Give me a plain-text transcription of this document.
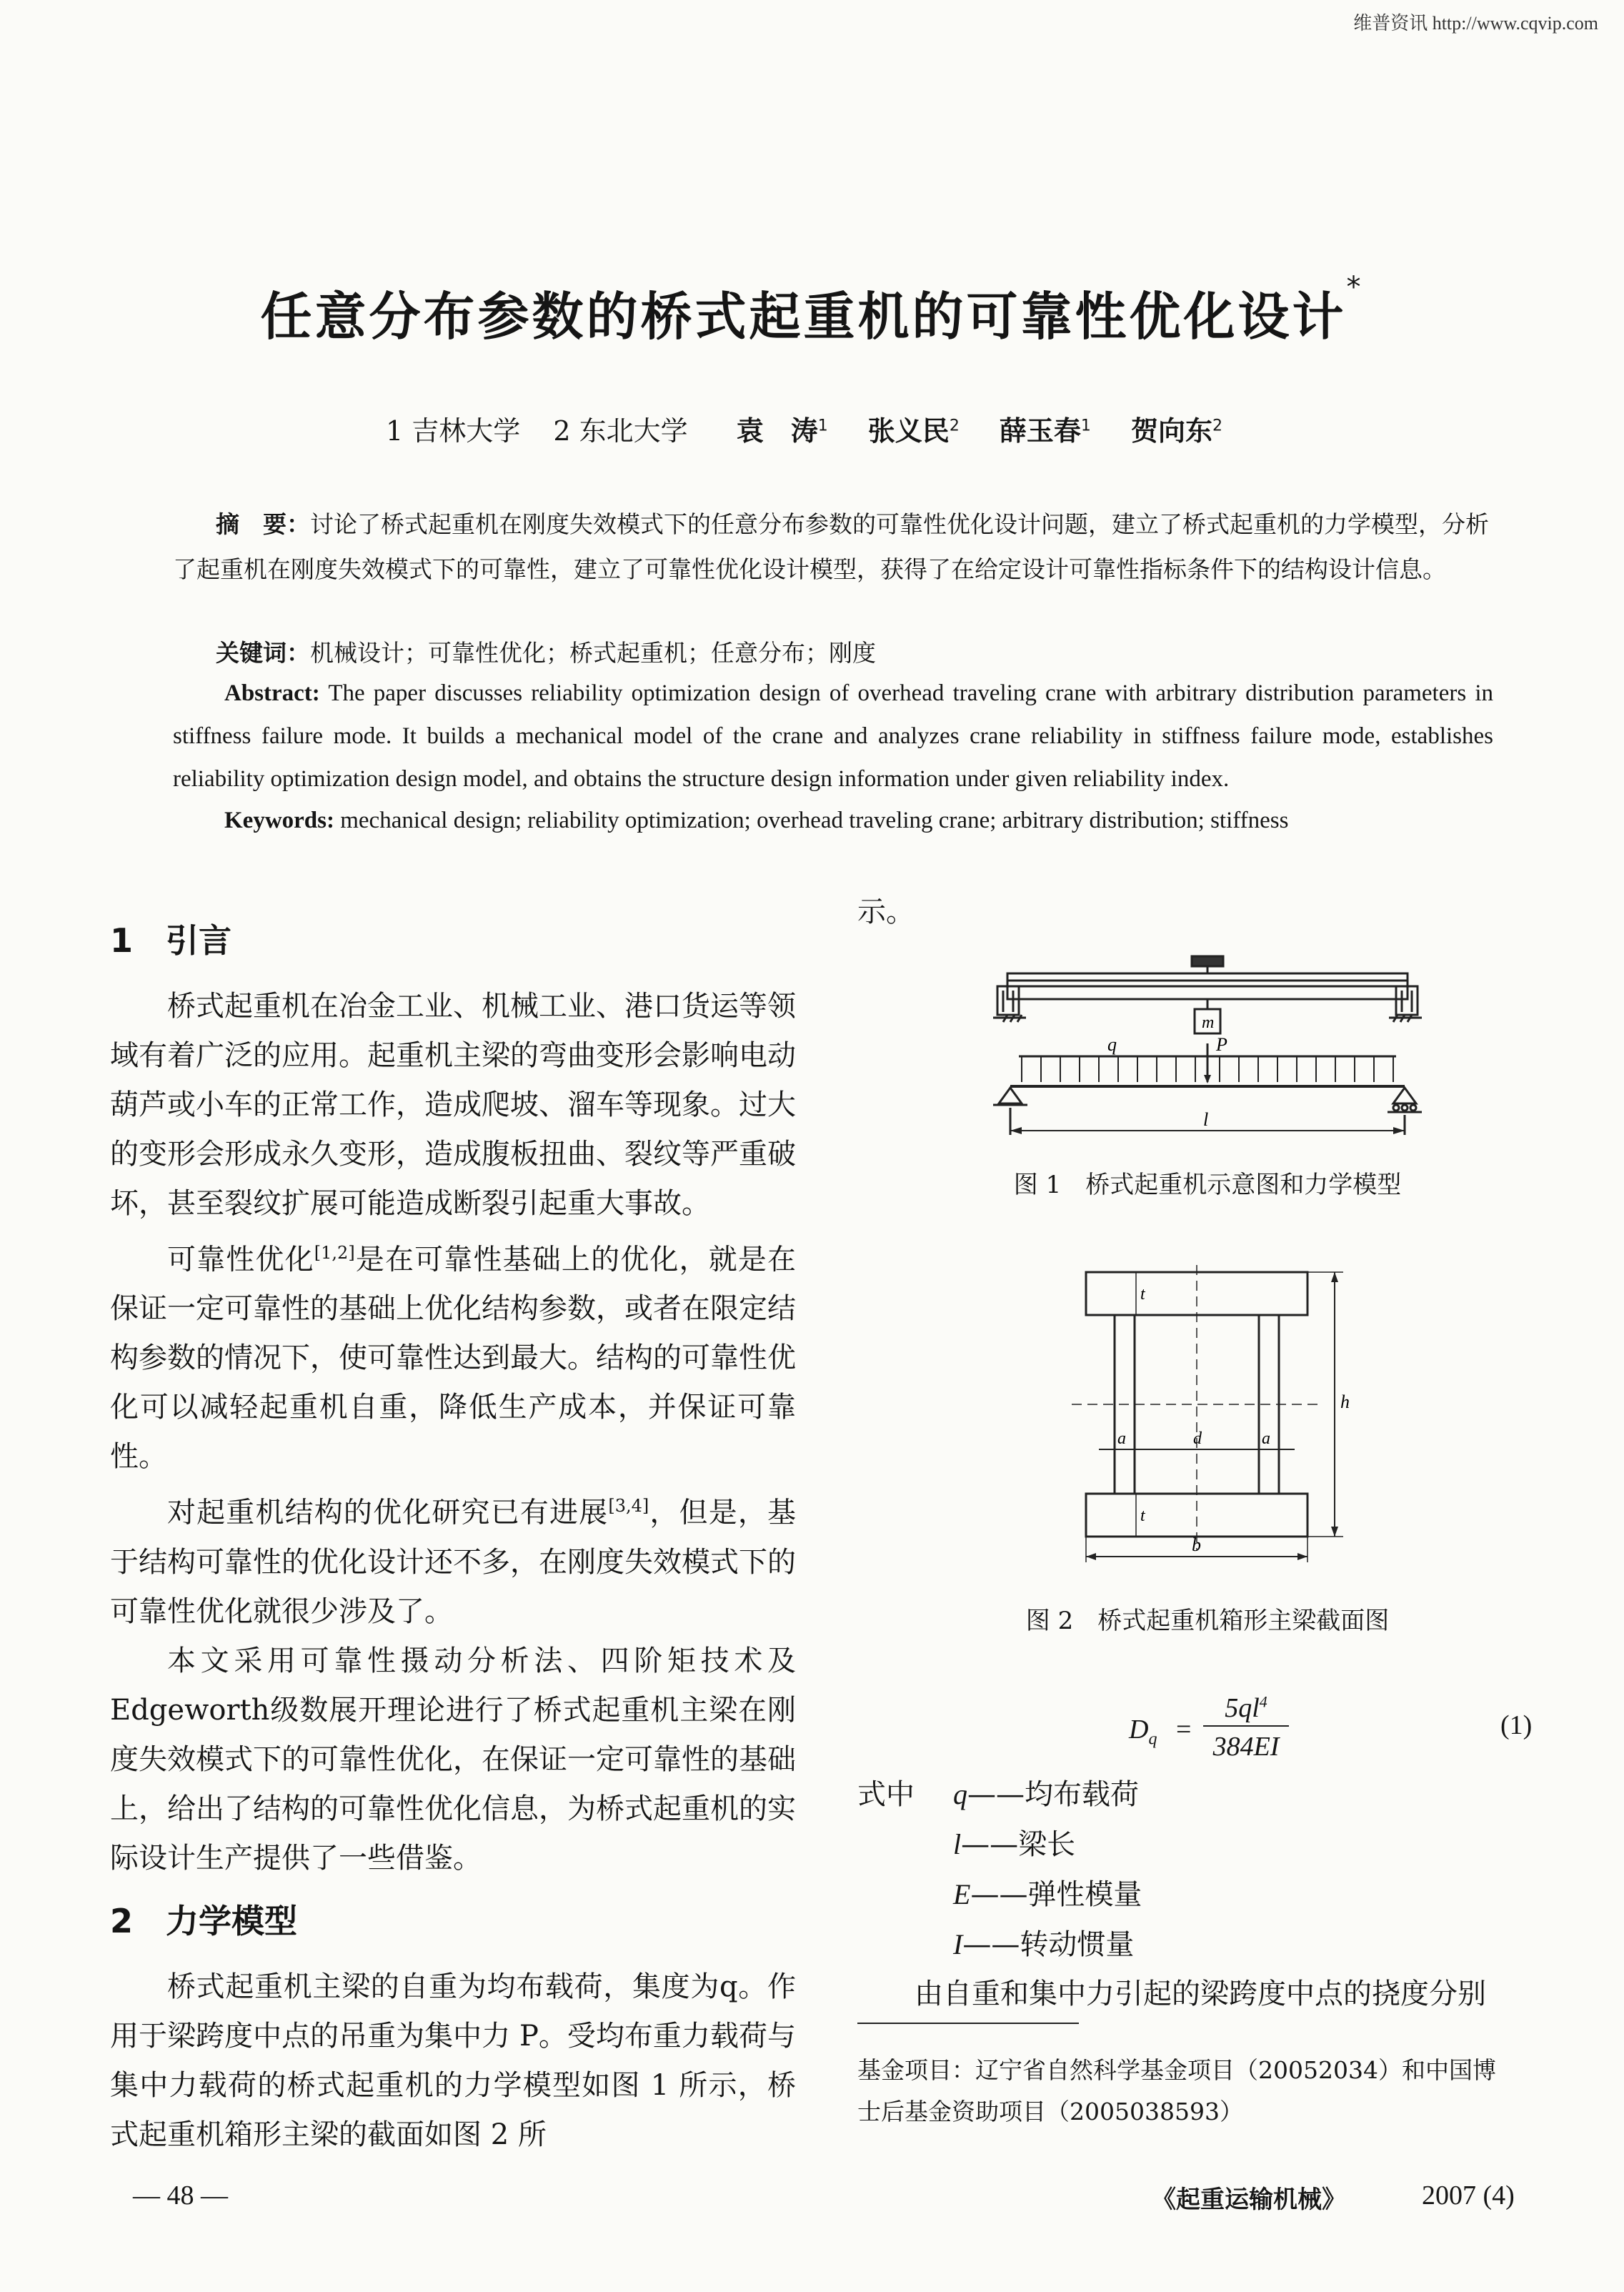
维普资讯 http://www.cqvip.com
任意分布参数的桥式起重机的可靠性优化设计*
1 吉林大学 2 东北大学 袁　涛$^1$ 张义民$^2$ 薛玉春$^1$ 贺向东$^2$
摘　要：讨论了桥式起重机在刚度失效模式下的任意分布参数的可靠性优化设计问题，建立了桥式起重机的力学模型，分析了起重机在刚度失效模式下的可靠性，建立了可靠性优化设计模型，获得了在给定设计可靠性指标条件下的结构设计信息。
关键词：机械设计；可靠性优化；桥式起重机；任意分布；刚度
Abstract: The paper discusses reliability optimization design of overhead traveling crane with arbitrary distribution parameters in stiffness failure mode. It builds a mechanical model of the crane and analyzes crane reliability in stiffness failure mode, establishes reliability optimization design model, and obtains the structure design information under given reliability index.
Keywords: mechanical design; reliability optimization; overhead traveling crane; arbitrary distribution; stiffness
1 引言

桥式起重机在冶金工业、机械工业、港口货运等领域有着广泛的应用。起重机主梁的弯曲变形会影响电动葫芦或小车的正常工作，造成爬坡、溜车等现象。过大的变形会形成永久变形，造成腹板扭曲、裂纹等严重破坏，甚至裂纹扩展可能造成断裂引起重大事故。

可靠性优化[1,2]是在可靠性基础上的优化，就是在保证一定可靠性的基础上优化结构参数，或者在限定结构参数的情况下，使可靠性达到最大。结构的可靠性优化可以减轻起重机自重，降低生产成本，并保证可靠性。

对起重机结构的优化研究已有进展[3,4]，但是，基于结构可靠性的优化设计还不多，在刚度失效模式下的可靠性优化就很少涉及了。

本文采用可靠性摄动分析法、四阶矩技术及Edgeworth级数展开理论进行了桥式起重机主梁在刚度失效模式下的可靠性优化，在保证一定可靠性的基础上，给出了结构的可靠性优化信息，为桥式起重机的实际设计生产提供了一些借鉴。

2 力学模型

桥式起重机主梁的自重为均布载荷，集度为q。作用于梁跨度中点的吊重为集中力 P。受均布重力载荷与集中力载荷的桥式起重机的力学模型如图 1 所示，桥式起重机箱形主梁的截面如图 2 所

— 48 —
示。
m
q	P
l
图 1　桥式起重机示意图和力学模型
t
t
h
a	d	a
b
图 2　桥式起重机箱形主梁截面图
$D_q$ =
$5ql^4$
384EI
(1)
式中 q——均布载荷
l——梁长
E——弹性模量
I——转动惯量
由自重和集中力引起的梁跨度中点的挠度分别
基金项目：辽宁省自然科学基金项目（20052034）和中国博
士后基金资助项目（2005038593）
《起重运输机械》	2007 (4)
